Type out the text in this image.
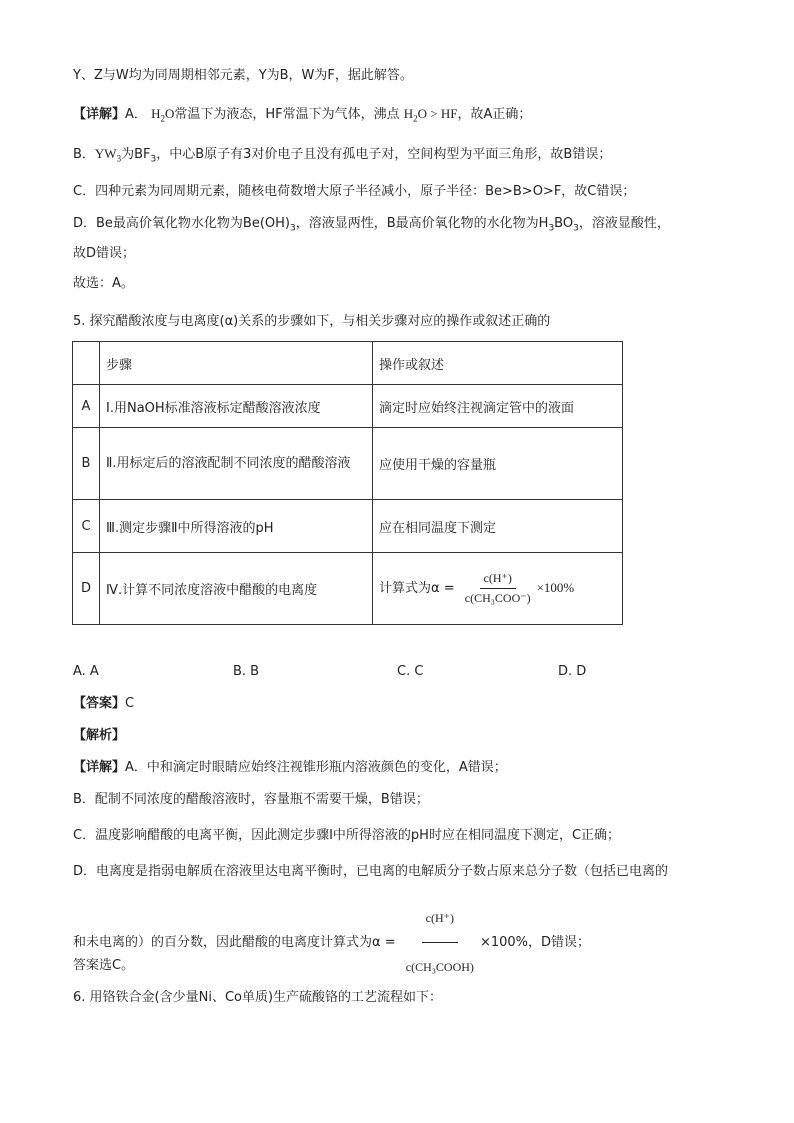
Y、Z与W均为同周期相邻元素，Y为B，W为F，据此解答。
【详解】A． $H_2O$常温下为液态，HF常温下为气体，沸点 $H_2O$ > HF，故A正确；
B．$YW_3$为$BF_3$，中心B原子有3对价电子且没有孤电子对，空间构型为平面三角形，故B错误；
C．四种元素为同周期元素，随核电荷数增大原子半径减小，原子半径：Be>B>O>F，故C错误；
D．Be最高价氧化物水化物为$Be(OH)_3$，溶液显两性，B最高价氧化物的水化物为$H_3BO_3$，溶液显酸性，
故D错误；
故选：A。
5. 探究醋酸浓度与电离度(α)关系的步骤如下，与相关步骤对应的操作或叙述正确的
	步骤	操作或叙述
A	Ⅰ.用NaOH标准溶液标定醋酸溶液浓度	滴定时应始终注视滴定管中的液面
B	Ⅱ.用标定后的溶液配制不同浓度的醋酸溶液	应使用干燥的容量瓶
C	Ⅲ.测定步骤Ⅱ中所得溶液的pH	应在相同温度下测定
D	Ⅳ.计算不同浓度溶液中醋酸的电离度	计算式为$\alpha = \frac{c(H^+)}{\text{c(CH₃COO⁻)}} \times 100\%$
A. A	B. B	C. C	D. D
【答案】C
【解析】
【详解】A．中和滴定时眼睛应始终注视锥形瓶内溶液颜色的变化，A错误；
B．配制不同浓度的醋酸溶液时，容量瓶不需要干燥，B错误；
C．温度影响醋酸的电离平衡，因此测定步骤Ⅰ中所得溶液的pH时应在相同温度下测定，C正确；
D．电离度是指弱电解质在溶液里达电离平衡时，已电离的电解质分子数占原来总分子数（包括已电离的
和未电离的）的百分数，因此醋酸的电离度计算式为$\alpha = \frac{c(H^+)}{\text{c(CH₃COOH)}} \times 100\%$，D错误；
答案选C。
6. 用铬铁合金(含少量Ni、Co单质)生产硫酸铬的工艺流程如下：
